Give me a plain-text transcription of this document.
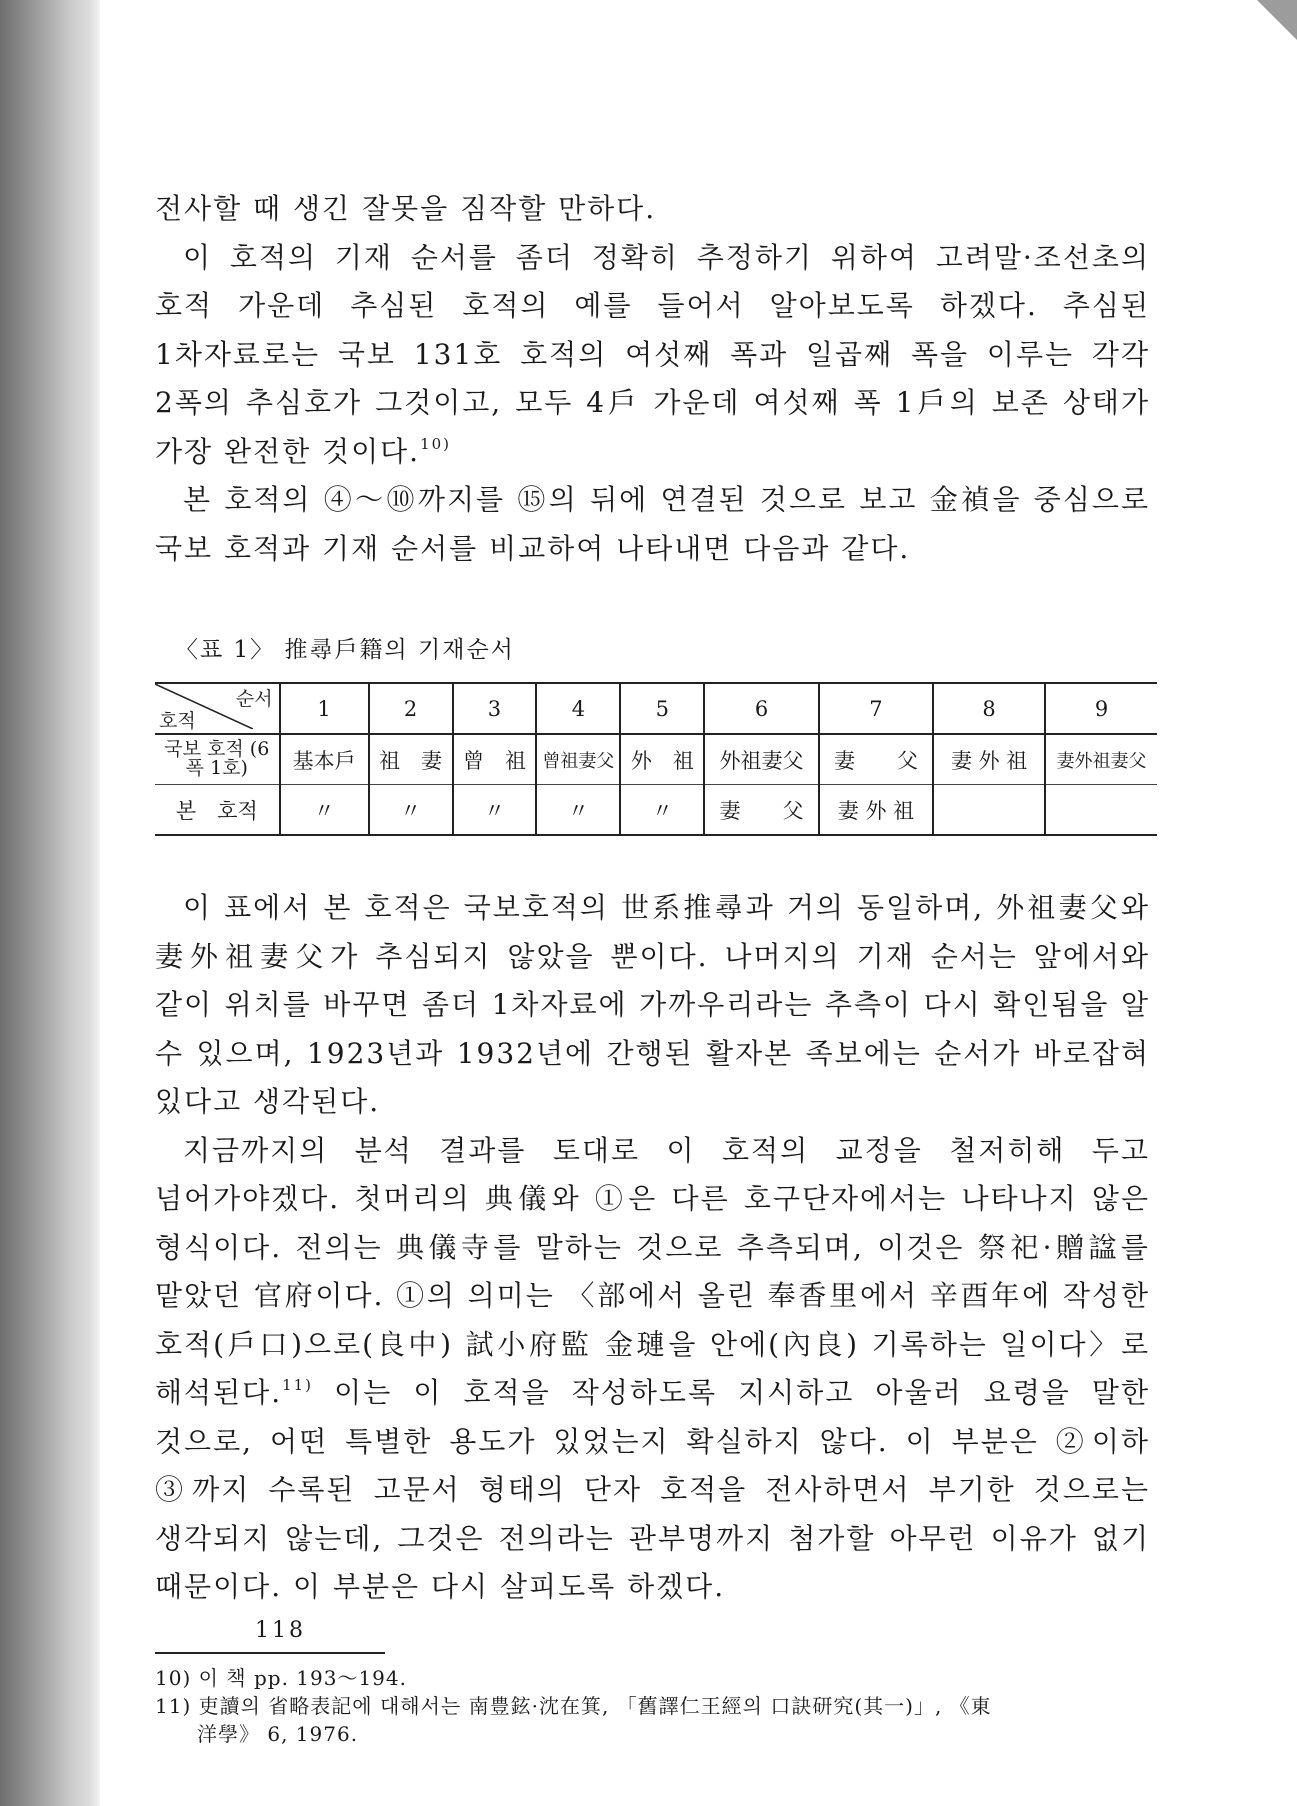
전사할 때 생긴 잘못을 짐작할 만하다.

이 호적의 기재 순서를 좀더 정확히 추정하기 위하여 고려말·조선초의 호적 가운데 추심된 호적의 예를 들어서 알아보도록 하겠다. 추심된 1차자료로는 국보 131호 호적의 여섯째 폭과 일곱째 폭을 이루는 각각 2폭의 추심호가 그것이고, 모두 4戶 가운데 여섯째 폭 1戶의 보존 상태가 가장 완전한 것이다.$^{10)}$

본 호적의 ④～⑩까지를 ⑮의 뒤에 연결된 것으로 보고 金禎을 중심으로 국보 호적과 기재 순서를 비교하여 나타내면 다음과 같다.

〈표 1〉 推尋戶籍의 기재순서
순서
호적	1	2	3	4	5	6	7	8	9
국보 호적 (6폭 1호)	基本戶	祖　妻	曾　祖	曾祖妻父	外　祖	外祖妻父	妻　　父	妻 外 祖	妻外祖妻父
본　호적	〃	〃	〃	〃	〃	妻　　父	妻 外 祖		

이 표에서 본 호적은 국보호적의 世系推尋과 거의 동일하며, 外祖妻父와 妻外祖妻父가 추심되지 않았을 뿐이다. 나머지의 기재 순서는 앞에서와 같이 위치를 바꾸면 좀더 1차자료에 가까우리라는 추측이 다시 확인됨을 알 수 있으며, 1923년과 1932년에 간행된 활자본 족보에는 순서가 바로잡혀 있다고 생각된다.

지금까지의 분석 결과를 토대로 이 호적의 교정을 철저히해 두고 넘어가야겠다. 첫머리의 典儀와 ①은 다른 호구단자에서는 나타나지 않은 형식이다. 전의는 典儀寺를 말하는 것으로 추측되며, 이것은 祭祀·贈諡를 맡았던 官府이다. ①의 의미는 〈部에서 올린 奉香里에서 辛酉年에 작성한 호적(戶口)으로(良中) 試小府監 金璉을 안에(內良) 기록하는 일이다〉로 해석된다.$^{11)}$ 이는 이 호적을 작성하도록 지시하고 아울러 요령을 말한 것으로, 어떤 특별한 용도가 있었는지 확실하지 않다. 이 부분은 ②이하 ③까지 수록된 고문서 형태의 단자 호적을 전사하면서 부기한 것으로는 생각되지 않는데, 그것은 전의라는 관부명까지 첨가할 아무런 이유가 없기 때문이다. 이 부분은 다시 살피도록 하겠다.

10) 이 책 pp. 193～194.

11) 吏讀의 省略表記에 대해서는 南豊鉉·沈在箕, 「舊譯仁王經의 口訣研究(其一)」, 《東

洋學》 6, 1976.

118
